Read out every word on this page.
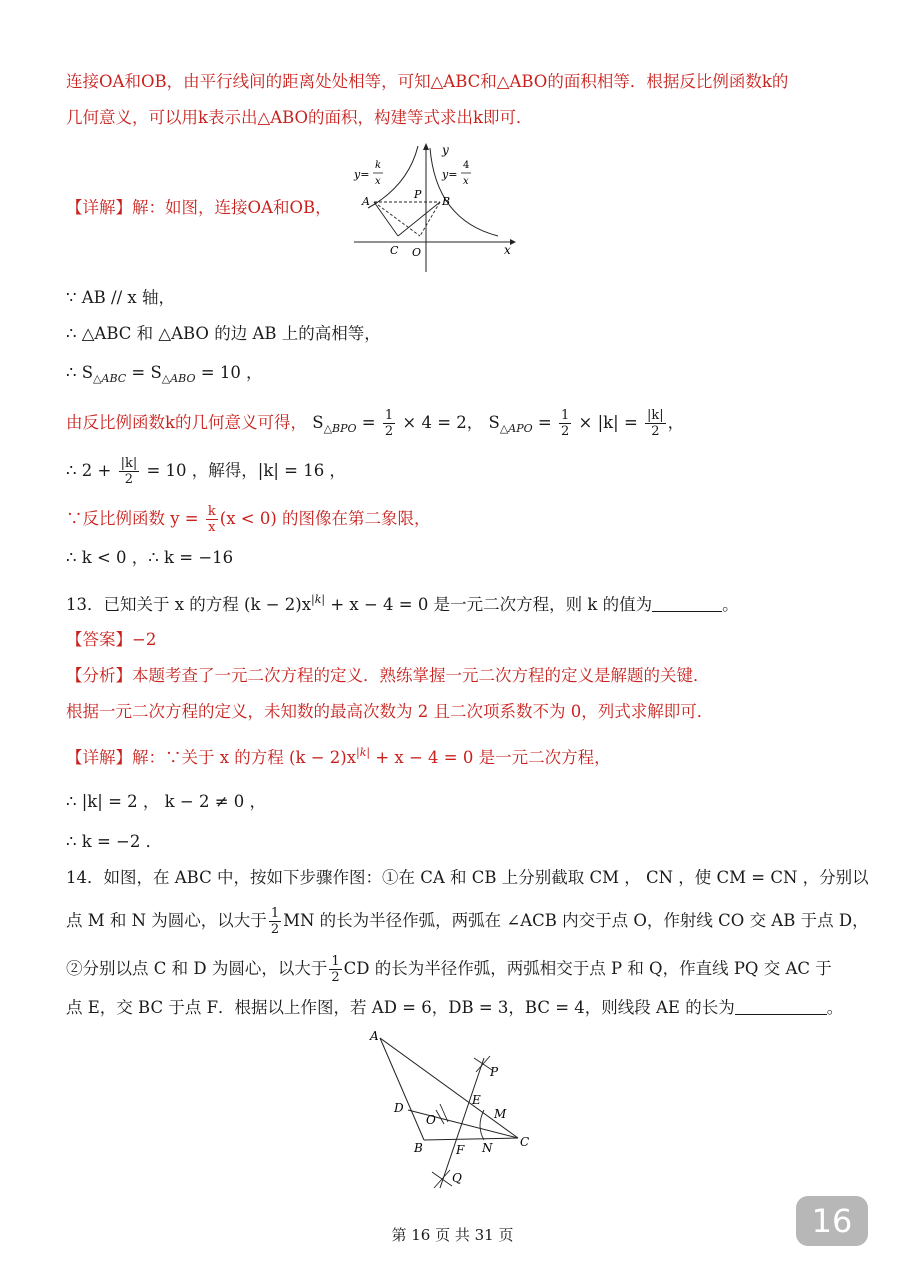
连接OA和OB，由平行线间的距离处处相等，可知△ABC和△ABO的面积相等．根据反比例函数k的
几何意义，可以用k表示出△ABO的面积，构建等式求出k即可．
【详解】解：如图，连接OA和OB，
y
x
y=
k
x
y=
4
x
A	B
P
C O
∵ AB // x 轴，
∴ △ABC 和 △ABO 的边 AB 上的高相等，
∴ $S_{\triangle ABC} = S_{\triangle ABO} = 10$ ，
由反比例函数k的几何意义可得， $S_{\triangle BPO} = \frac{1}{2} \times 4 = 2$， $S_{\triangle APO} = \frac{1}{2} \times |k| = \frac{|k|}{2}$ ，
∴ $2 + \frac{|k|}{2} = 10$ ，解得，|k| = 16 ，
∵反比例函数 $y = \frac{k}{x} (x < 0)$ 的图像在第二象限，
∴ k < 0 ，∴ k = −16
13．已知关于 x 的方程 $(k - 2)x^{|k|} + x - 4 = 0$ 是一元二次方程，则 k 的值为	。
【答案】−2
【分析】本题考查了一元二次方程的定义．熟练掌握一元二次方程的定义是解题的关键．
根据一元二次方程的定义，未知数的最高次数为 2 且二次项系数不为 0，列式求解即可．
【详解】解：∵关于 x 的方程 $(k - 2)x^{|k|} + x - 4 = 0$ 是一元二次方程，
∴ |k| = 2 ， k − 2 ≠ 0 ，
∴ k = −2 ．
14．如图，在 ABC 中，按如下步骤作图：①在 CA 和 CB 上分别截取 CM ， CN ，使 CM = CN ，分别以
点 M 和 N 为圆心，以大于 $\frac{1}{2}$ MN 的长为半径作弧，两弧在 ∠ACB 内交于点 O，作射线 CO 交 AB 于点 D，
②分别以点 C 和 D 为圆心，以大于 $\frac{1}{2}$ CD 的长为半径作弧，两弧相交于点 P 和 Q，作直线 PQ 交 AC 于
点 E，交 BC 于点 F．根据以上作图，若 AD = 6，DB = 3，BC = 4，则线段 AE 的长为	。
A
P
E
M
D
O
C
B	F N
Q
16
第 16 页 共 31 页
